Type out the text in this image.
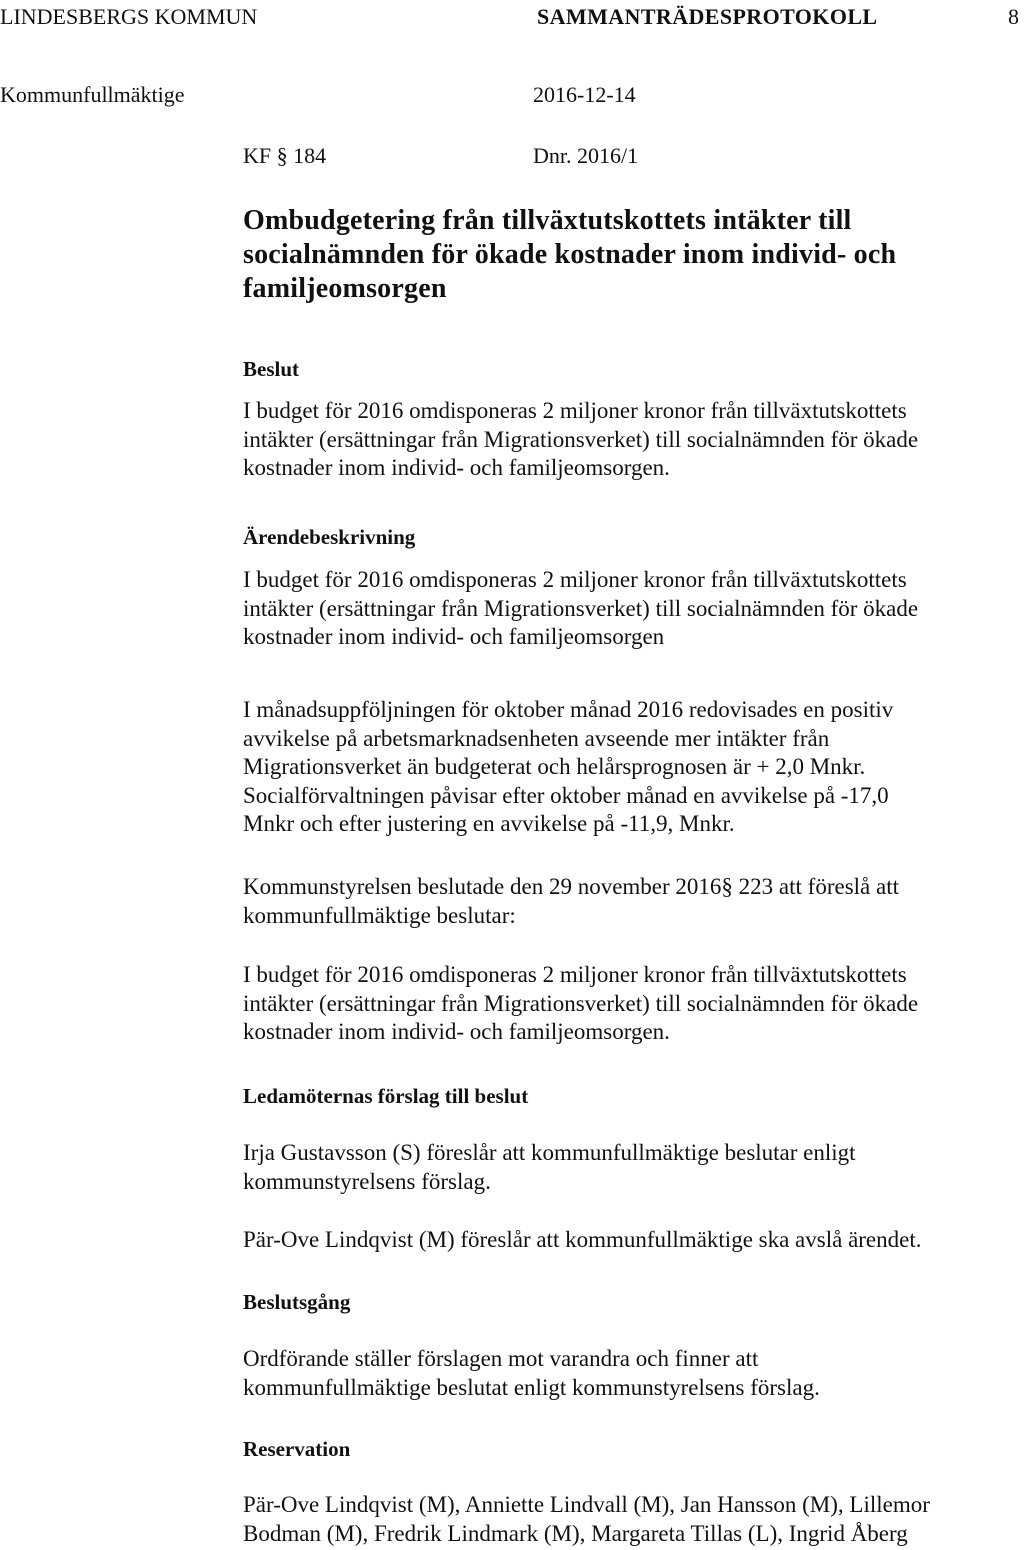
LINDESBERGS KOMMUN	SAMMANTRÄDESPROTOKOLL	8
Kommunfullmäktige	2016-12-14
KF § 184	Dnr. 2016/1
Ombudgetering från tillväxtutskottets intäkter till
socialnämnden för ökade kostnader inom individ- och
familjeomsorgen
Beslut
I budget för 2016 omdisponeras 2 miljoner kronor från tillväxtutskottets
intäkter (ersättningar från Migrationsverket) till socialnämnden för ökade
kostnader inom individ- och familjeomsorgen.
Ärendebeskrivning
I budget för 2016 omdisponeras 2 miljoner kronor från tillväxtutskottets
intäkter (ersättningar från Migrationsverket) till socialnämnden för ökade
kostnader inom individ- och familjeomsorgen
I månadsuppföljningen för oktober månad 2016 redovisades en positiv
avvikelse på arbetsmarknadsenheten avseende mer intäkter från
Migrationsverket än budgeterat och helårsprognosen är + 2,0 Mnkr.
Socialförvaltningen påvisar efter oktober månad en avvikelse på -17,0
Mnkr och efter justering en avvikelse på -11,9, Mnkr.
Kommunstyrelsen beslutade den 29 november 2016§ 223 att föreslå att
kommunfullmäktige beslutar:
I budget för 2016 omdisponeras 2 miljoner kronor från tillväxtutskottets
intäkter (ersättningar från Migrationsverket) till socialnämnden för ökade
kostnader inom individ- och familjeomsorgen.
Ledamöternas förslag till beslut
Irja Gustavsson (S) föreslår att kommunfullmäktige beslutar enligt
kommunstyrelsens förslag.
Pär-Ove Lindqvist (M) föreslår att kommunfullmäktige ska avslå ärendet.
Beslutsgång
Ordförande ställer förslagen mot varandra och finner att
kommunfullmäktige beslutat enligt kommunstyrelsens förslag.
Reservation
Pär-Ove Lindqvist (M), Anniette Lindvall (M), Jan Hansson (M), Lillemor
Bodman (M), Fredrik Lindmark (M), Margareta Tillas (L), Ingrid Åberg
